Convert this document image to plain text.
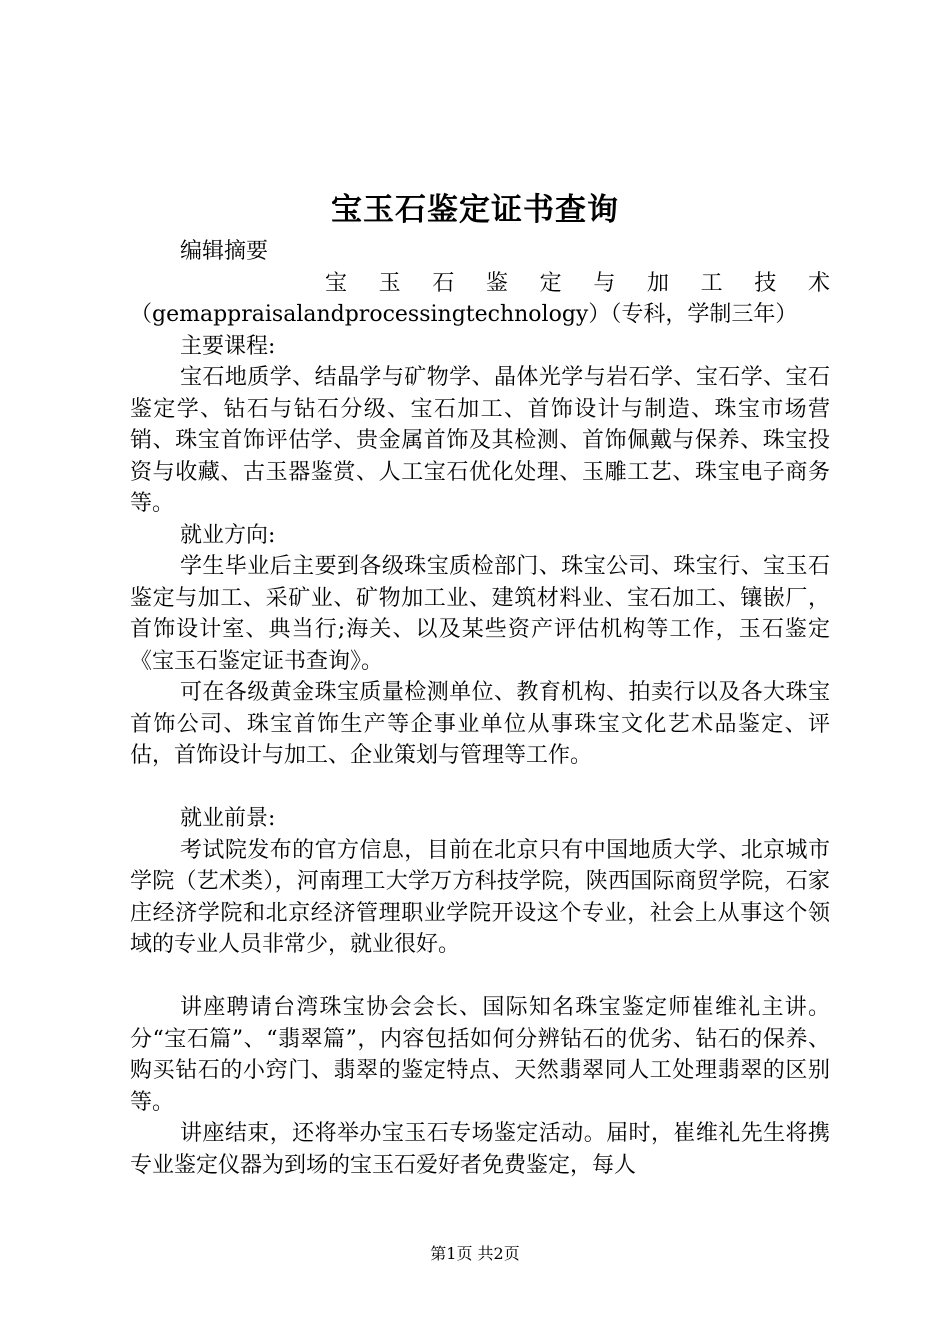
宝玉石鉴定证书查询

编辑摘要

宝玉石鉴定与加工技术

（gemappraisalandprocessingtechnology）（专科，学制三年）

主要课程:

宝石地质学、结晶学与矿物学、晶体光学与岩石学、宝石学、宝石鉴定学、钻石与钻石分级、宝石加工、首饰设计与制造、珠宝市场营销、珠宝首饰评估学、贵金属首饰及其检测、首饰佩戴与保养、珠宝投资与收藏、古玉器鉴赏、人工宝石优化处理、玉雕工艺、珠宝电子商务等。

就业方向:

学生毕业后主要到各级珠宝质检部门、珠宝公司、珠宝行、宝玉石鉴定与加工、采矿业、矿物加工业、建筑材料业、宝石加工、镶嵌厂，首饰设计室、典当行;海关、以及某些资产评估机构等工作，玉石鉴定《宝玉石鉴定证书查询》。

可在各级黄金珠宝质量检测单位、教育机构、拍卖行以及各大珠宝首饰公司、珠宝首饰生产等企事业单位从事珠宝文化艺术品鉴定、评估，首饰设计与加工、企业策划与管理等工作。

就业前景:

考试院发布的官方信息，目前在北京只有中国地质大学、北京城市学院（艺术类），河南理工大学万方科技学院，陕西国际商贸学院，石家庄经济学院和北京经济管理职业学院开设这个专业，社会上从事这个领域的专业人员非常少，就业很好。

讲座聘请台湾珠宝协会会长、国际知名珠宝鉴定师崔维礼主讲。分“宝石篇”、“翡翠篇”，内容包括如何分辨钻石的优劣、钻石的保养、购买钻石的小窍门、翡翠的鉴定特点、天然翡翠同人工处理翡翠的区别等。

讲座结束，还将举办宝玉石专场鉴定活动。届时，崔维礼先生将携专业鉴定仪器为到场的宝玉石爱好者免费鉴定，每人

第1页 共2页
